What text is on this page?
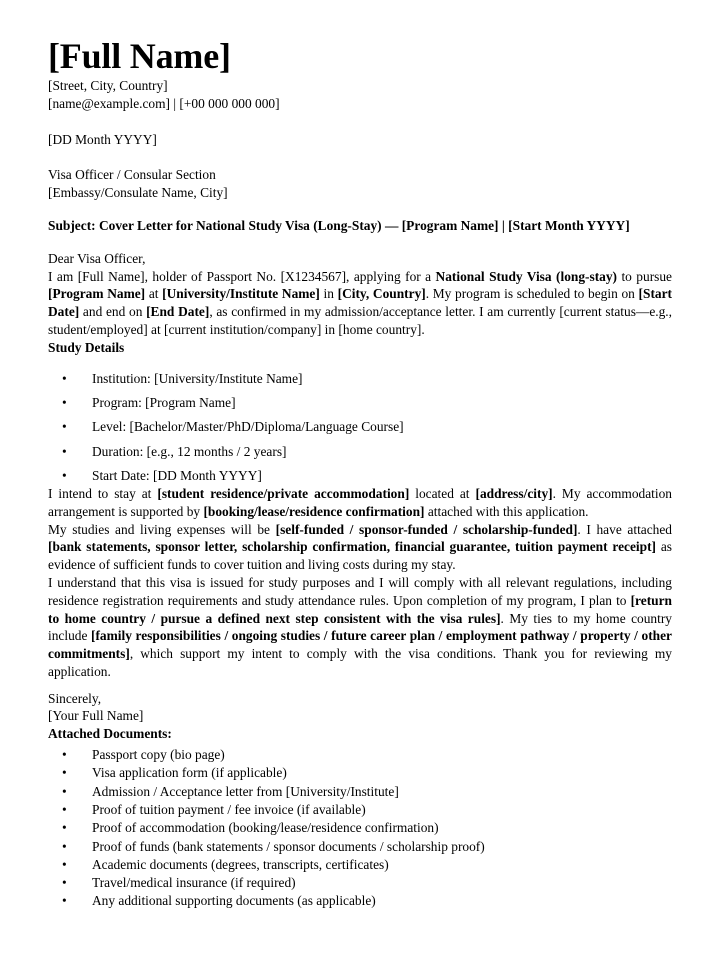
[Full Name]
[Street, City, Country]
[name@example.com] | [+00 000 000 000]
[DD Month YYYY]
Visa Officer / Consular Section
[Embassy/Consulate Name, City]
Subject: Cover Letter for National Study Visa (Long-Stay) — [Program Name] | [Start Month YYYY]
Dear Visa Officer,

I am [Full Name], holder of Passport No. [X1234567], applying for a National Study Visa (long-stay) to pursue [Program Name] at [University/Institute Name] in [City, Country]. My program is scheduled to begin on [Start Date] and end on [End Date], as confirmed in my admission/acceptance letter. I am currently [current status—e.g., student/employed] at [current institution/company] in [home country].

Study Details
• Institution: [University/Institute Name]
• Program: [Program Name]
• Level: [Bachelor/Master/PhD/Diploma/Language Course]
• Duration: [e.g., 12 months / 2 years]
• Start Date: [DD Month YYYY]

I intend to stay at [student residence/private accommodation] located at [address/city]. My accommodation arrangement is supported by [booking/lease/residence confirmation] attached with this application.

My studies and living expenses will be [self-funded / sponsor-funded / scholarship-funded]. I have attached [bank statements, sponsor letter, scholarship confirmation, financial guarantee, tuition payment receipt] as evidence of sufficient funds to cover tuition and living costs during my stay.

I understand that this visa is issued for study purposes and I will comply with all relevant regulations, including residence registration requirements and study attendance rules. Upon completion of my program, I plan to [return to home country / pursue a defined next step consistent with the visa rules]. My ties to my home country include [family responsibilities / ongoing studies / future career plan / employment pathway / property / other commitments], which support my intent to comply with the visa conditions. Thank you for reviewing my application.

Sincerely,
[Your Full Name]
Attached Documents:
• Passport copy (bio page)
• Visa application form (if applicable)
• Admission / Acceptance letter from [University/Institute]
• Proof of tuition payment / fee invoice (if available)
• Proof of accommodation (booking/lease/residence confirmation)
• Proof of funds (bank statements / sponsor documents / scholarship proof)
• Academic documents (degrees, transcripts, certificates)
• Travel/medical insurance (if required)
• Any additional supporting documents (as applicable)
